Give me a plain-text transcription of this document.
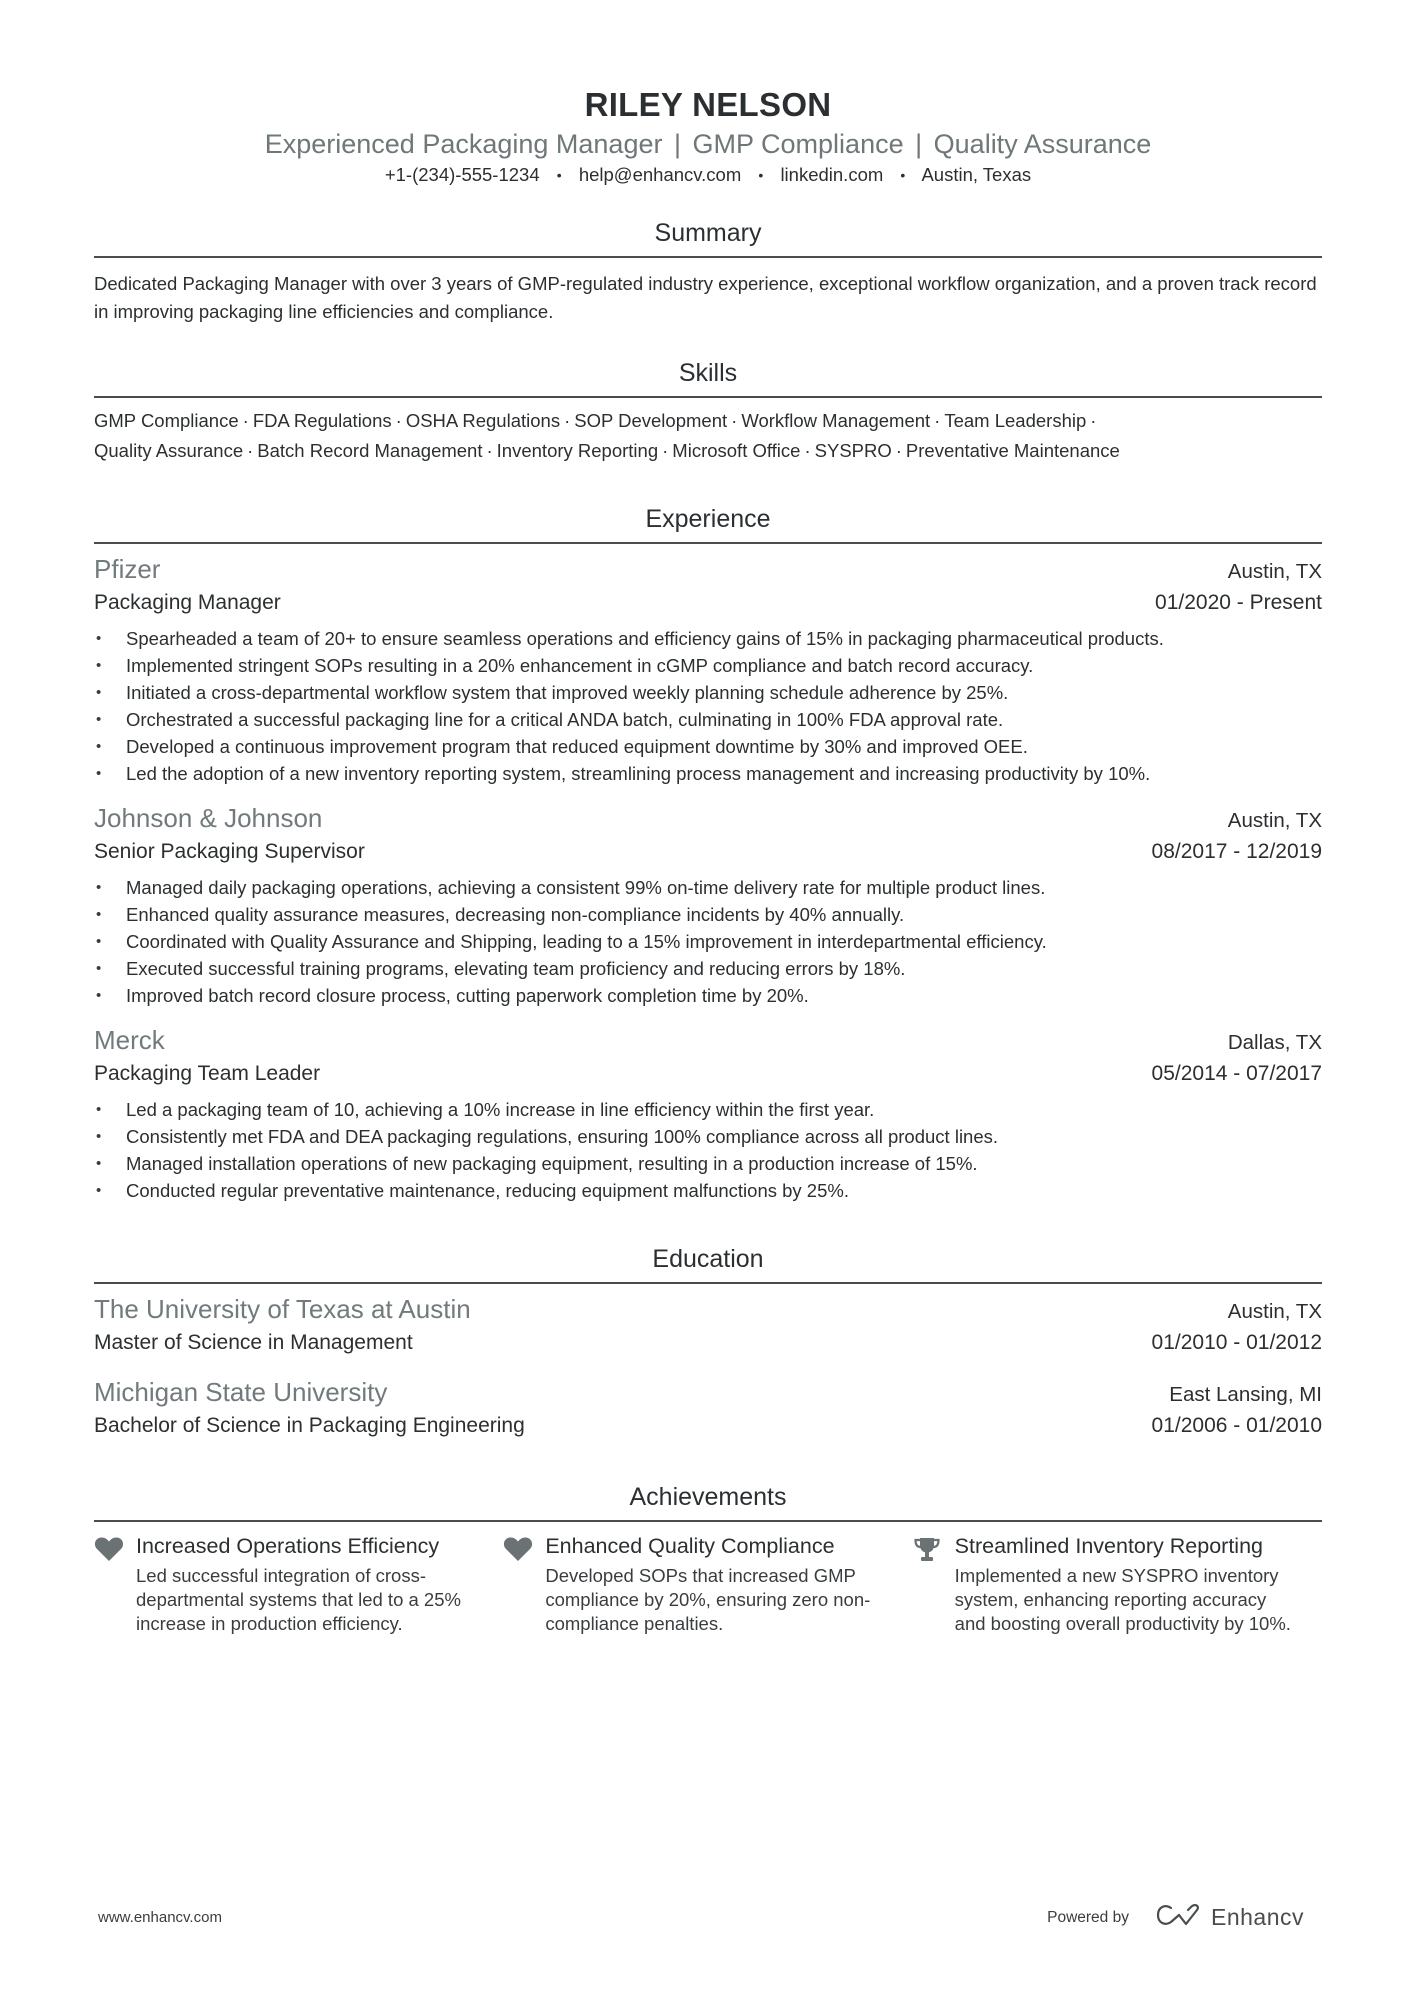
RILEY NELSON
Experienced Packaging Manager | GMP Compliance | Quality Assurance
+1-(234)-555-1234 • help@enhancv.com • linkedin.com • Austin, Texas
Summary
Dedicated Packaging Manager with over 3 years of GMP-regulated industry experience, exceptional workflow organization, and a proven track record in improving packaging line efficiencies and compliance.
Skills
GMP Compliance · FDA Regulations · OSHA Regulations · SOP Development · Workflow Management · Team Leadership ·
Quality Assurance · Batch Record Management · Inventory Reporting · Microsoft Office · SYSPRO · Preventative Maintenance
Experience
Pfizer	Austin, TX
Packaging Manager	01/2020 - Present
• Spearheaded a team of 20+ to ensure seamless operations and efficiency gains of 15% in packaging pharmaceutical products.
• Implemented stringent SOPs resulting in a 20% enhancement in cGMP compliance and batch record accuracy.
• Initiated a cross-departmental workflow system that improved weekly planning schedule adherence by 25%.
• Orchestrated a successful packaging line for a critical ANDA batch, culminating in 100% FDA approval rate.
• Developed a continuous improvement program that reduced equipment downtime by 30% and improved OEE.
• Led the adoption of a new inventory reporting system, streamlining process management and increasing productivity by 10%.
Johnson & Johnson	Austin, TX
Senior Packaging Supervisor	08/2017 - 12/2019
• Managed daily packaging operations, achieving a consistent 99% on-time delivery rate for multiple product lines.
• Enhanced quality assurance measures, decreasing non-compliance incidents by 40% annually.
• Coordinated with Quality Assurance and Shipping, leading to a 15% improvement in interdepartmental efficiency.
• Executed successful training programs, elevating team proficiency and reducing errors by 18%.
• Improved batch record closure process, cutting paperwork completion time by 20%.
Merck	Dallas, TX
Packaging Team Leader	05/2014 - 07/2017
• Led a packaging team of 10, achieving a 10% increase in line efficiency within the first year.
• Consistently met FDA and DEA packaging regulations, ensuring 100% compliance across all product lines.
• Managed installation operations of new packaging equipment, resulting in a production increase of 15%.
• Conducted regular preventative maintenance, reducing equipment malfunctions by 25%.
Education
The University of Texas at Austin	Austin, TX
Master of Science in Management	01/2010 - 01/2012
Michigan State University	East Lansing, MI
Bachelor of Science in Packaging Engineering	01/2006 - 01/2010
Achievements
Increased Operations Efficiency
Led successful integration of cross-departmental systems that led to a 25% increase in production efficiency.
Enhanced Quality Compliance
Developed SOPs that increased GMP compliance by 20%, ensuring zero non-compliance penalties.
Streamlined Inventory Reporting
Implemented a new SYSPRO inventory system, enhancing reporting accuracy and boosting overall productivity by 10%.
www.enhancv.com	Powered by	Enhancv
